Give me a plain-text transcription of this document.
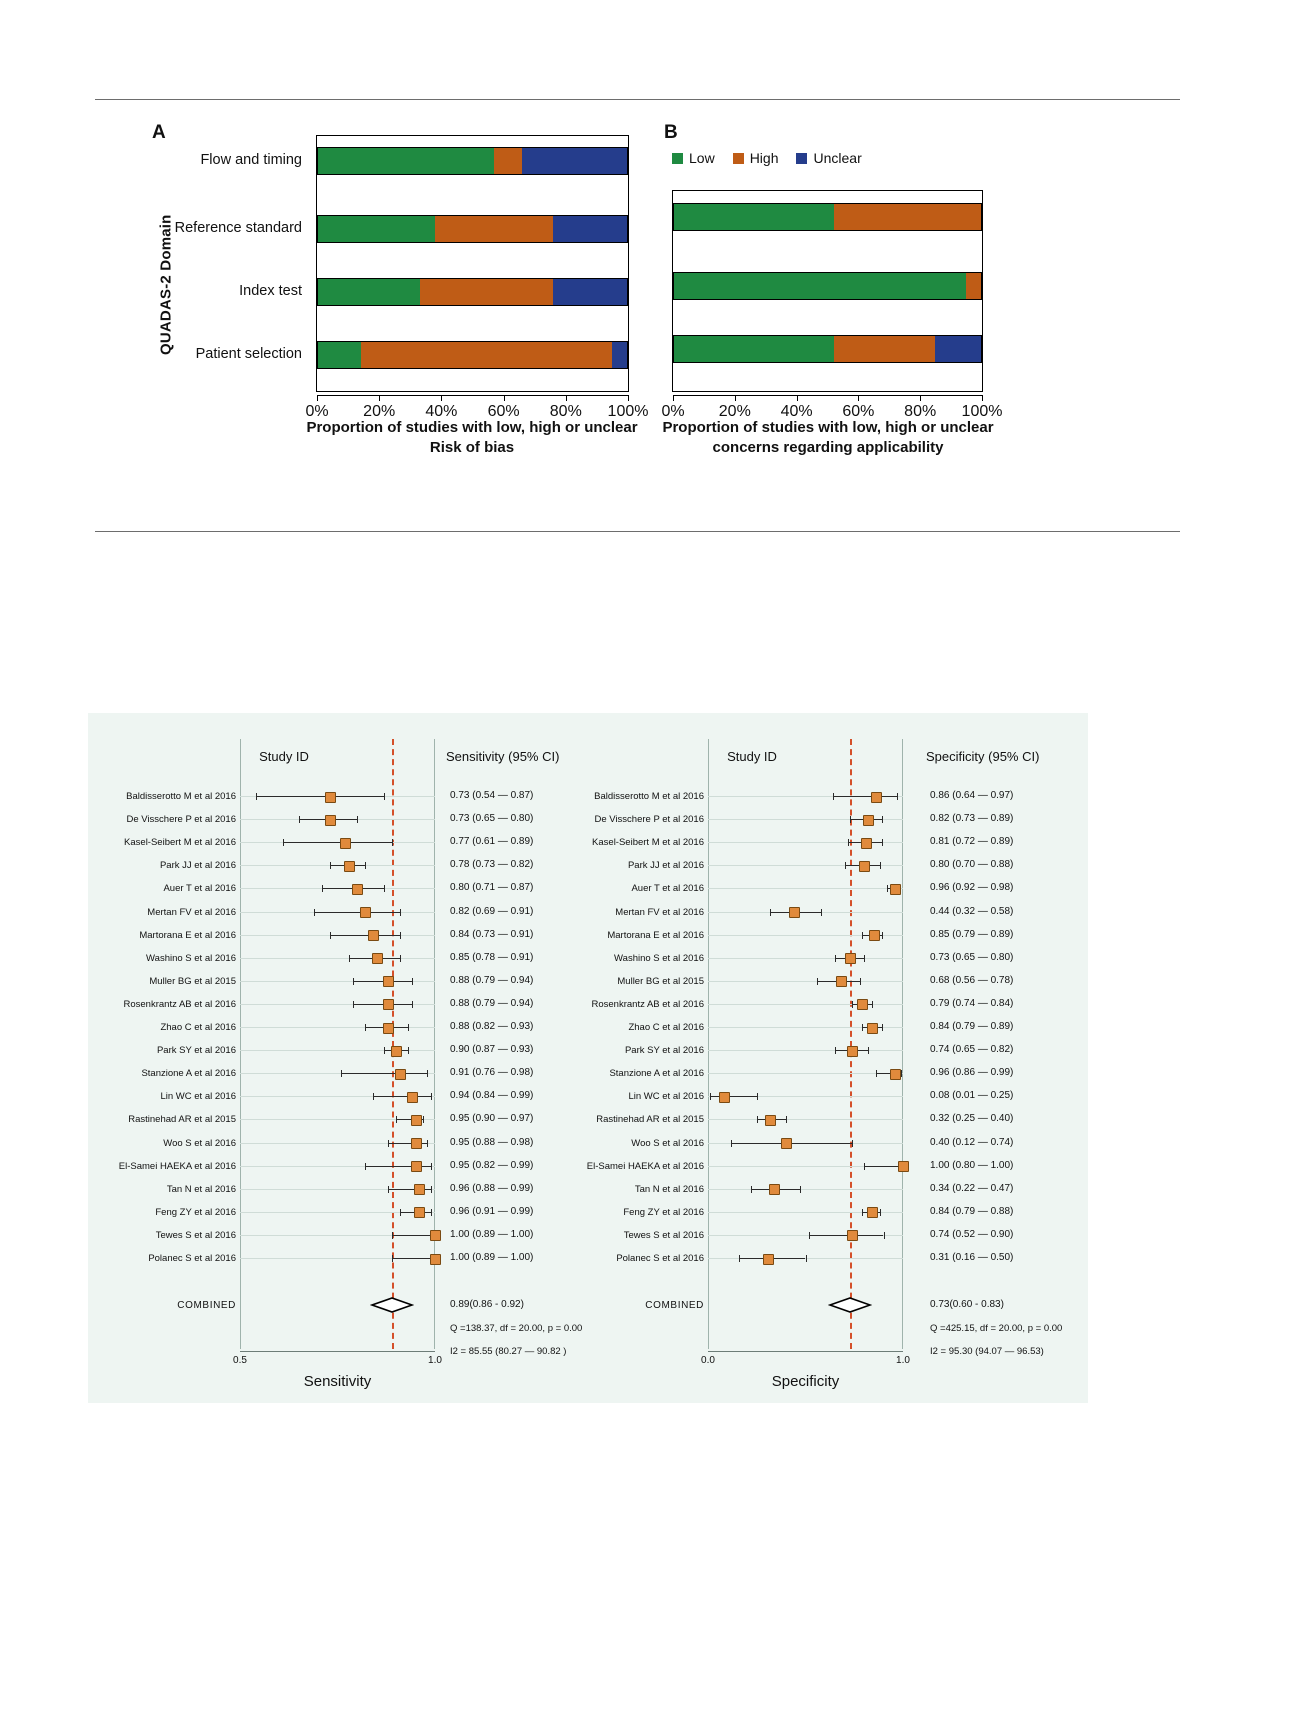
A
QUADAS-2 Domain
Flow and timing
Reference standard
Index test
Patient selection
0% 20% 40% 60% 80% 100%
Proportion of studies with low, high or unclear
Risk of bias
B
Low	High	Unclear
0% 20% 40% 60% 80% 100%
Proportion of studies with low, high or unclear
concerns regarding applicability
Study ID	Sensitivity (95% CI)
Baldisserotto M et al 2016	0.73 (0.54 — 0.87)
De Visschere P et al 2016	0.73 (0.65 — 0.80)
Kasel-Seibert M et al 2016	0.77 (0.61 — 0.89)
Park JJ et al 2016	0.78 (0.73 — 0.82)
Auer T et al 2016	0.80 (0.71 — 0.87)
Mertan FV et al 2016	0.82 (0.69 — 0.91)
Martorana E et al 2016	0.84 (0.73 — 0.91)
Washino S et al 2016	0.85 (0.78 — 0.91)
Muller BG et al 2015	0.88 (0.79 — 0.94)
Rosenkrantz AB et al 2016	0.88 (0.79 — 0.94)
Zhao C et al 2016	0.88 (0.82 — 0.93)
Park SY et al 2016	0.90 (0.87 — 0.93)
Stanzione A et al 2016	0.91 (0.76 — 0.98)
Lin WC et al 2016	0.94 (0.84 — 0.99)
Rastinehad AR et al 2015	0.95 (0.90 — 0.97)
Woo S et al 2016	0.95 (0.88 — 0.98)
El-Samei HAEKA et al 2016	0.95 (0.82 — 0.99)
Tan N et al 2016	0.96 (0.88 — 0.99)
Feng ZY et al 2016	0.96 (0.91 — 0.99)
Tewes S et al 2016	1.00 (0.89 — 1.00)
Polanec S et al 2016	1.00 (0.89 — 1.00)
COMBINED	0.89(0.86 - 0.92)
Q =138.37, df = 20.00, p = 0.00
I2 = 85.55 (80.27 — 90.82 )
0.5	1.0
Sensitivity
Study ID	Specificity (95% CI)
Baldisserotto M et al 2016	0.86 (0.64 — 0.97)
De Visschere P et al 2016	0.82 (0.73 — 0.89)
Kasel-Seibert M et al 2016	0.81 (0.72 — 0.89)
Park JJ et al 2016	0.80 (0.70 — 0.88)
Auer T et al 2016	0.96 (0.92 — 0.98)
Mertan FV et al 2016	0.44 (0.32 — 0.58)
Martorana E et al 2016	0.85 (0.79 — 0.89)
Washino S et al 2016	0.73 (0.65 — 0.80)
Muller BG et al 2015	0.68 (0.56 — 0.78)
Rosenkrantz AB et al 2016	0.79 (0.74 — 0.84)
Zhao C et al 2016	0.84 (0.79 — 0.89)
Park SY et al 2016	0.74 (0.65 — 0.82)
Stanzione A et al 2016	0.96 (0.86 — 0.99)
Lin WC et al 2016	0.08 (0.01 — 0.25)
Rastinehad AR et al 2015	0.32 (0.25 — 0.40)
Woo S et al 2016	0.40 (0.12 — 0.74)
El-Samei HAEKA et al 2016	1.00 (0.80 — 1.00)
Tan N et al 2016	0.34 (0.22 — 0.47)
Feng ZY et al 2016	0.84 (0.79 — 0.88)
Tewes S et al 2016	0.74 (0.52 — 0.90)
Polanec S et al 2016	0.31 (0.16 — 0.50)
COMBINED	0.73(0.60 - 0.83)
Q =425.15, df = 20.00, p = 0.00
I2 = 95.30 (94.07 — 96.53)
0.0	1.0
Specificity
